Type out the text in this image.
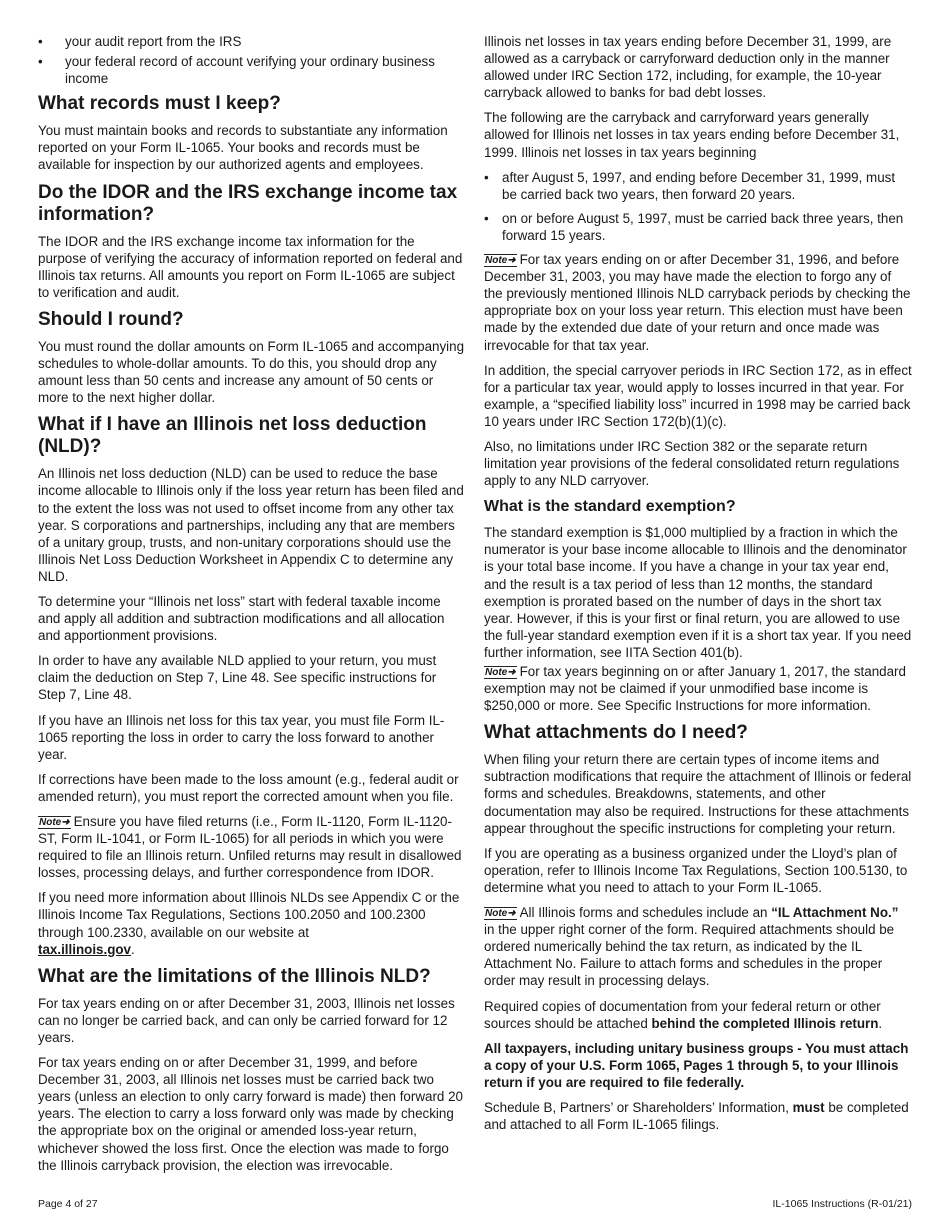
• your audit report from the IRS
• your federal record of account verifying your ordinary business income
What records must I keep?

You must maintain books and records to substantiate any information reported on your Form IL-1065. Your books and records must be available for inspection by our authorized agents and employees.

Do the IDOR and the IRS exchange income tax information?

The IDOR and the IRS exchange income tax information for the purpose of verifying the accuracy of information reported on federal and Illinois tax returns. All amounts you report on Form IL-1065 are subject to verification and audit.

Should I round?

You must round the dollar amounts on Form IL-1065 and accompanying schedules to whole-dollar amounts. To do this, you should drop any amount less than 50 cents and increase any amount of 50 cents or more to the next higher dollar.

What if I have an Illinois net loss deduction (NLD)?

An Illinois net loss deduction (NLD) can be used to reduce the base income allocable to Illinois only if the loss year return has been filed and to the extent the loss was not used to offset income from any other tax year. S corporations and partnerships, including any that are members of a unitary group, trusts, and non-unitary corporations should use the Illinois Net Loss Deduction Worksheet in Appendix C to determine any NLD.

To determine your “Illinois net loss” start with federal taxable income and apply all addition and subtraction modifications and all allocation and apportionment provisions.

In order to have any available NLD applied to your return, you must claim the deduction on Step 7, Line 48. See specific instructions for Step 7, Line 48.

If you have an Illinois net loss for this tax year, you must file Form IL-1065 reporting the loss in order to carry the loss forward to another year.

If corrections have been made to the loss amount (e.g., federal audit or amended return), you must report the corrected amount when you file.

Note➜ Ensure you have filed returns (i.e., Form IL-1120, Form IL-1120-ST, Form IL-1041, or Form IL-1065) for all periods in which you were required to file an Illinois return. Unfiled returns may result in disallowed losses, processing delays, and further correspondence from IDOR.

If you need more information about Illinois NLDs see Appendix C or the Illinois Income Tax Regulations, Sections 100.2050 and 100.2300 through 100.2330, available on our website at
tax.illinois.gov.

What are the limitations of the Illinois NLD?

For tax years ending on or after December 31, 2003, Illinois net losses can no longer be carried back, and can only be carried forward for 12 years.

For tax years ending on or after December 31, 1999, and before December 31, 2003, all Illinois net losses must be carried back two years (unless an election to only carry forward is made) then forward 20 years. The election to carry a loss forward only was made by checking the appropriate box on the original or amended loss-year return, whichever showed the loss first. Once the election was made to forgo the Illinois carryback provision, the election was irrevocable.

Illinois net losses in tax years ending before December 31, 1999, are allowed as a carryback or carryforward deduction only in the manner allowed under IRC Section 172, including, for example, the 10-year carryback allowed to banks for bad debt losses.

The following are the carryback and carryforward years generally allowed for Illinois net losses in tax years ending before December 31, 1999. Illinois net losses in tax years beginning

• after August 5, 1997, and ending before December 31, 1999, must be carried back two years, then forward 20 years.
• on or before August 5, 1997, must be carried back three years, then forward 15 years.

Note➜ For tax years ending on or after December 31, 1996, and before December 31, 2003, you may have made the election to forgo any of the previously mentioned Illinois NLD carryback periods by checking the appropriate box on your loss year return. This election must have been made by the extended due date of your return and once made was irrevocable for that tax year.

In addition, the special carryover periods in IRC Section 172, as in effect for a particular tax year, would apply to losses incurred in that year. For example, a “specified liability loss” incurred in 1998 may be carried back 10 years under IRC Section 172(b)(1)(c).

Also, no limitations under IRC Section 382 or the separate return limitation year provisions of the federal consolidated return regulations apply to any NLD carryover.

What is the standard exemption?

The standard exemption is $1,000 multiplied by a fraction in which the numerator is your base income allocable to Illinois and the denominator is your total base income. If you have a change in your tax year end, and the result is a tax period of less than 12 months, the standard exemption is prorated based on the number of days in the short tax year. However, if this is your first or final return, you are allowed to use the full-year standard exemption even if it is a short tax year. If you need further information, see IITA Section 401(b).

Note➜ For tax years beginning on or after January 1, 2017, the standard exemption may not be claimed if your unmodified base income is $250,000 or more. See Specific Instructions for more information.

What attachments do I need?

When filing your return there are certain types of income items and subtraction modifications that require the attachment of Illinois or federal forms and schedules. Breakdowns, statements, and other documentation may also be required. Instructions for these attachments appear throughout the specific instructions for completing your return.

If you are operating as a business organized under the Lloyd’s plan of operation, refer to Illinois Income Tax Regulations, Section 100.5130, to determine what you need to attach to your Form IL-1065.

Note➜ All Illinois forms and schedules include an “IL Attachment No.” in the upper right corner of the form. Required attachments should be ordered numerically behind the tax return, as indicated by the IL Attachment No. Failure to attach forms and schedules in the proper order may result in processing delays.

Required copies of documentation from your federal return or other sources should be attached behind the completed Illinois return.

All taxpayers, including unitary business groups - You must attach a copy of your U.S. Form 1065, Pages 1 through 5, to your Illinois return if you are required to file federally.

Schedule B, Partners’ or Shareholders’ Information, must be completed and attached to all Form IL-1065 filings.

Page 4 of 27	IL-1065 Instructions (R-01/21)
